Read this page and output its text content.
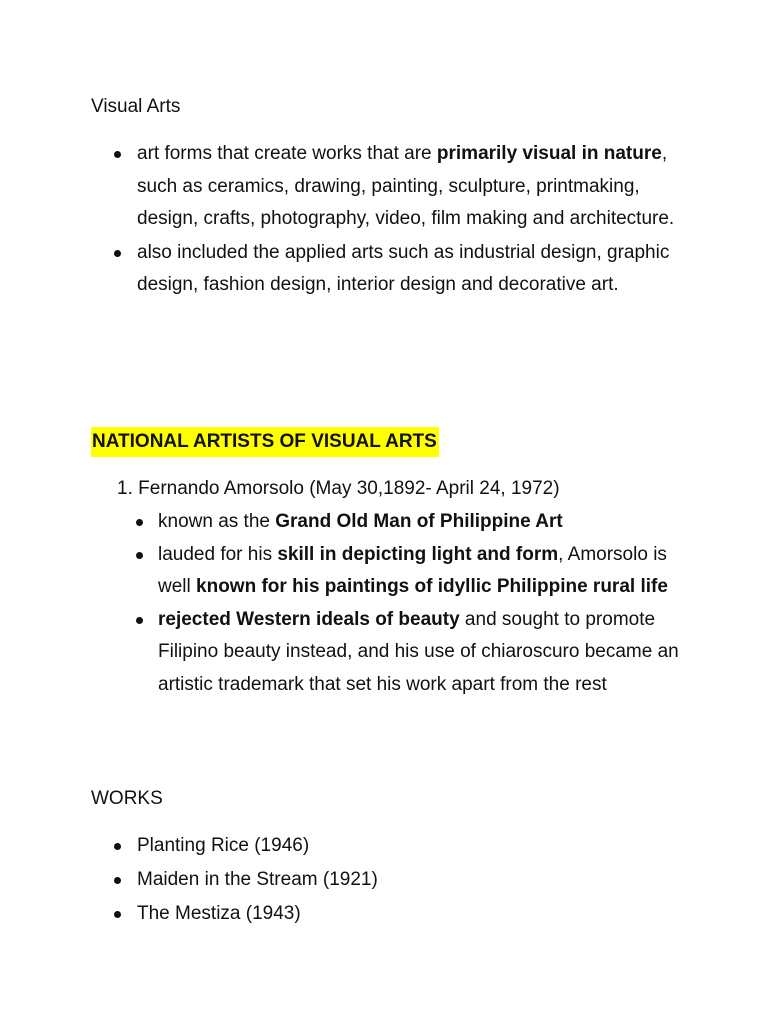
Visual Arts
art forms that create works that are primarily visual in nature, such as ceramics, drawing, painting, sculpture, printmaking, design, crafts, photography, video, film making and architecture.
also included the applied arts such as industrial design, graphic design, fashion design, interior design and decorative art.
NATIONAL ARTISTS OF VISUAL ARTS
1. Fernando Amorsolo (May 30,1892- April 24, 1972)
known as the Grand Old Man of Philippine Art
lauded for his skill in depicting light and form, Amorsolo is well known for his paintings of idyllic Philippine rural life
rejected Western ideals of beauty and sought to promote Filipino beauty instead, and his use of chiaroscuro became an artistic trademark that set his work apart from the rest
WORKS
Planting Rice (1946)
Maiden in the Stream (1921)
The Mestiza (1943)
